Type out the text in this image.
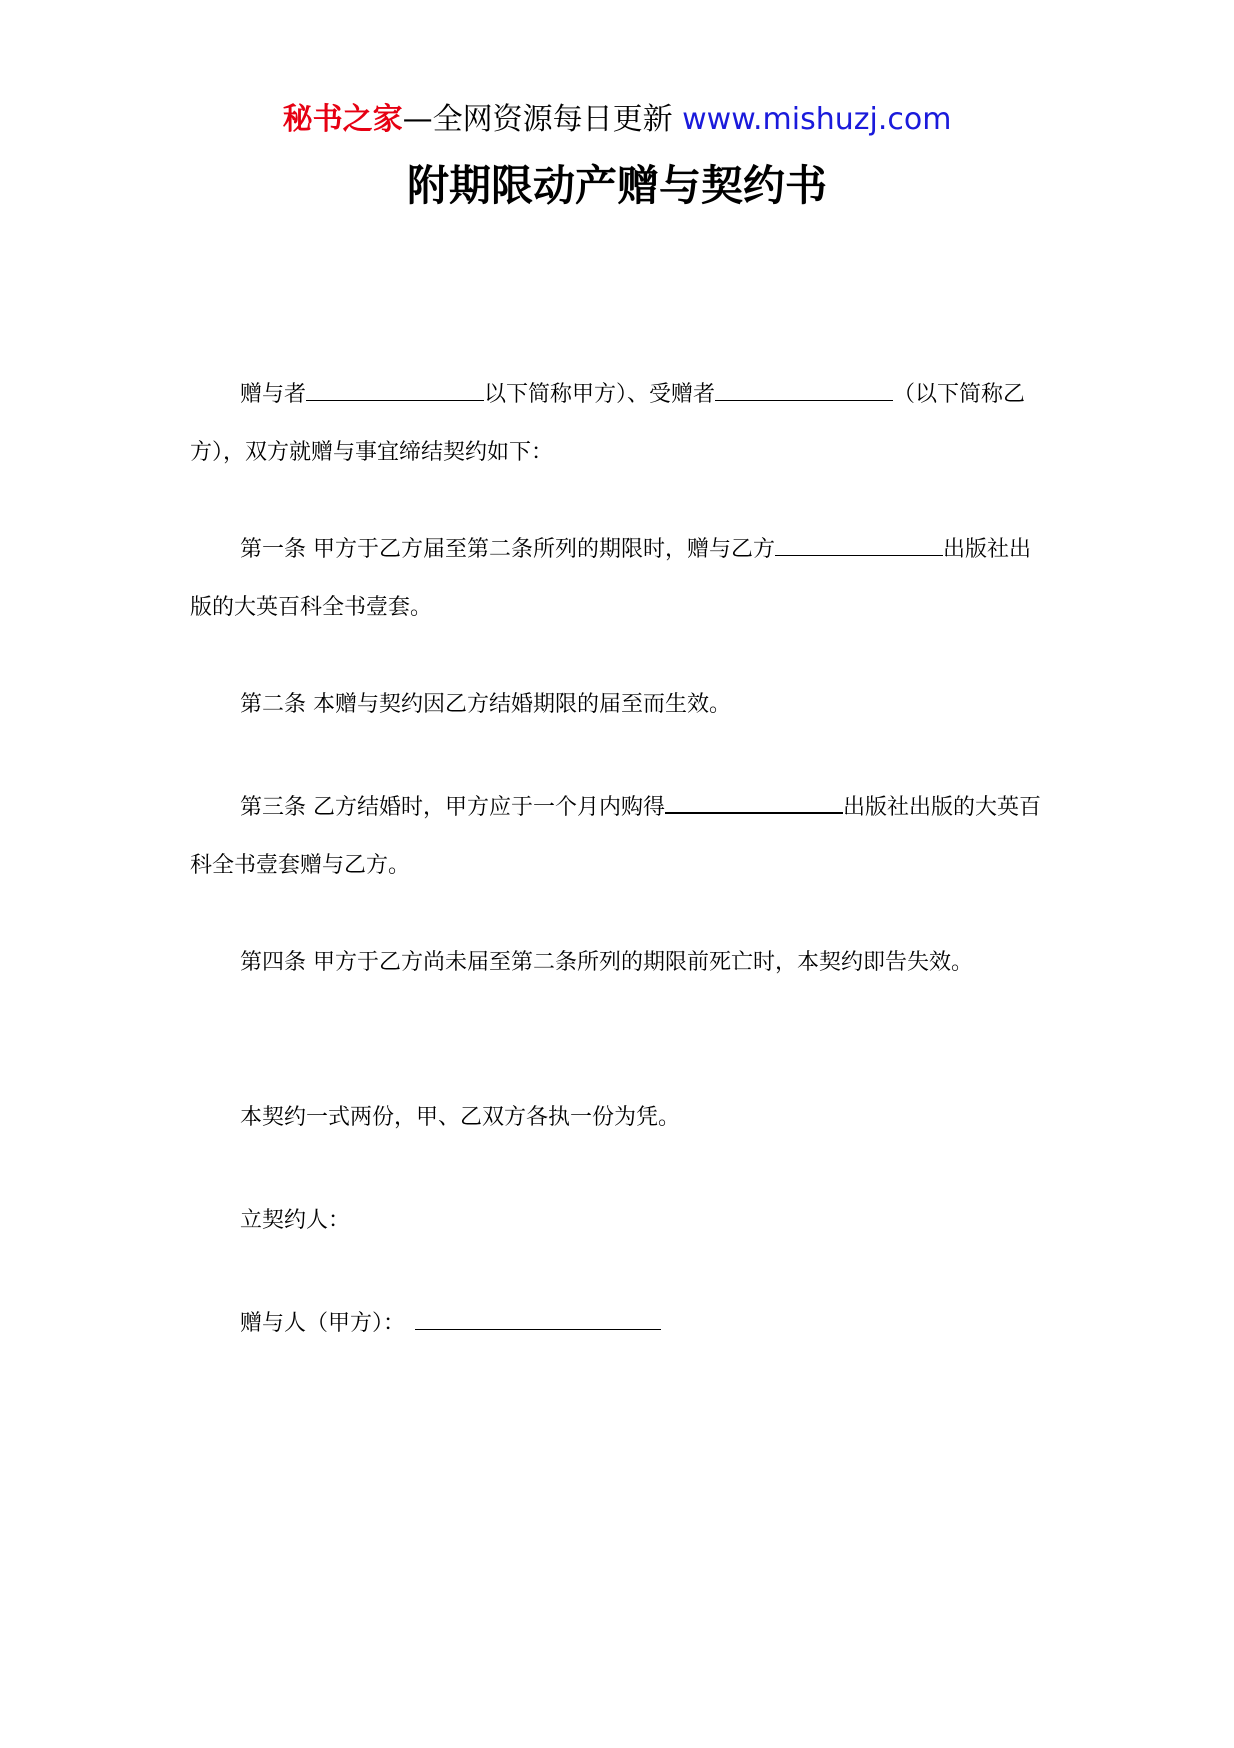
秘书之家—全网资源每日更新 www.mishuzj.com
附期限动产赠与契约书
赠与者	以下简称甲方）、受赠者	（以下简称乙方），双方就赠与事宜缔结契约如下：
第一条 甲方于乙方届至第二条所列的期限时，赠与乙方	出版社出版的大英百科全书壹套。
第二条 本赠与契约因乙方结婚期限的届至而生效。
第三条 乙方结婚时，甲方应于一个月内购得	出版社出版的大英百科全书壹套赠与乙方。
第四条 甲方于乙方尚未届至第二条所列的期限前死亡时，本契约即告失效。
本契约一式两份，甲、乙双方各执一份为凭。
立契约人：
赠与人（甲方）：
